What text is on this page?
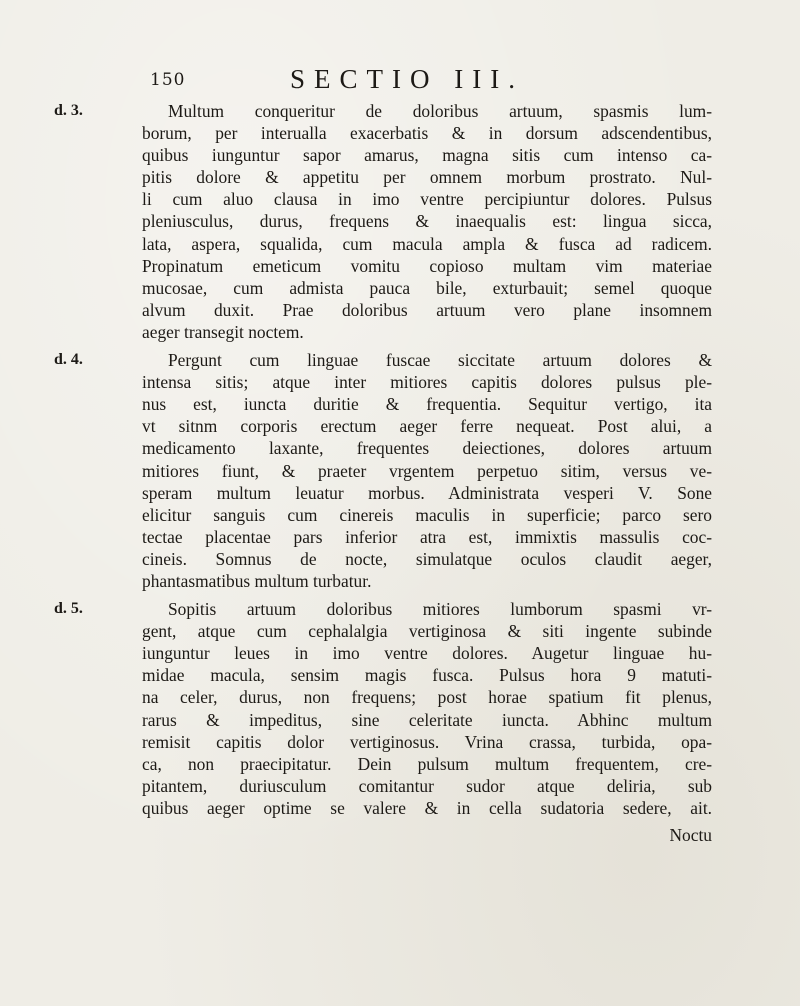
150	SECTIO III.
d. 3.	Multum conqueritur de doloribus artuum, spasmis lum-
borum, per interualla exacerbatis & in dorsum adscendentibus,
quibus iunguntur sapor amarus, magna sitis cum intenso ca-
pitis dolore & appetitu per omnem morbum prostrato. Nul-
li cum aluo clausa in imo ventre percipiuntur dolores. Pulsus
pleniusculus, durus, frequens & inaequalis est: lingua sicca,
lata, aspera, squalida, cum macula ampla & fusca ad radicem.
Propinatum emeticum vomitu copioso multam vim materiae
mucosae, cum admista pauca bile, exturbauit; semel quoque
alvum duxit. Prae doloribus artuum vero plane insomnem
aeger transegit noctem.
d. 4.	Pergunt cum linguae fuscae siccitate artuum dolores &
intensa sitis; atque inter mitiores capitis dolores pulsus ple-
nus est, iuncta duritie & frequentia. Sequitur vertigo, ita
vt sitnm corporis erectum aeger ferre nequeat. Post alui, a
medicamento laxante, frequentes deiectiones, dolores artuum
mitiores fiunt, & praeter vrgentem perpetuo sitim, versus ve-
speram multum leuatur morbus. Administrata vesperi V. Sone
elicitur sanguis cum cinereis maculis in superficie; parco sero
tectae placentae pars inferior atra est, immixtis massulis coc-
cineis. Somnus de nocte, simulatque oculos claudit aeger,
phantasmatibus multum turbatur.
d. 5.	Sopitis artuum doloribus mitiores lumborum spasmi vr-
gent, atque cum cephalalgia vertiginosa & siti ingente subinde
iunguntur leues in imo ventre dolores. Augetur linguae hu-
midae macula, sensim magis fusca. Pulsus hora 9 matuti-
na celer, durus, non frequens; post horae spatium fit plenus,
rarus & impeditus, sine celeritate iuncta. Abhinc multum
remisit capitis dolor vertiginosus. Vrina crassa, turbida, opa-
ca, non praecipitatur. Dein pulsum multum frequentem, cre-
pitantem, duriusculum comitantur sudor atque deliria, sub
quibus aeger optime se valere & in cella sudatoria sedere, ait.
Noctu
